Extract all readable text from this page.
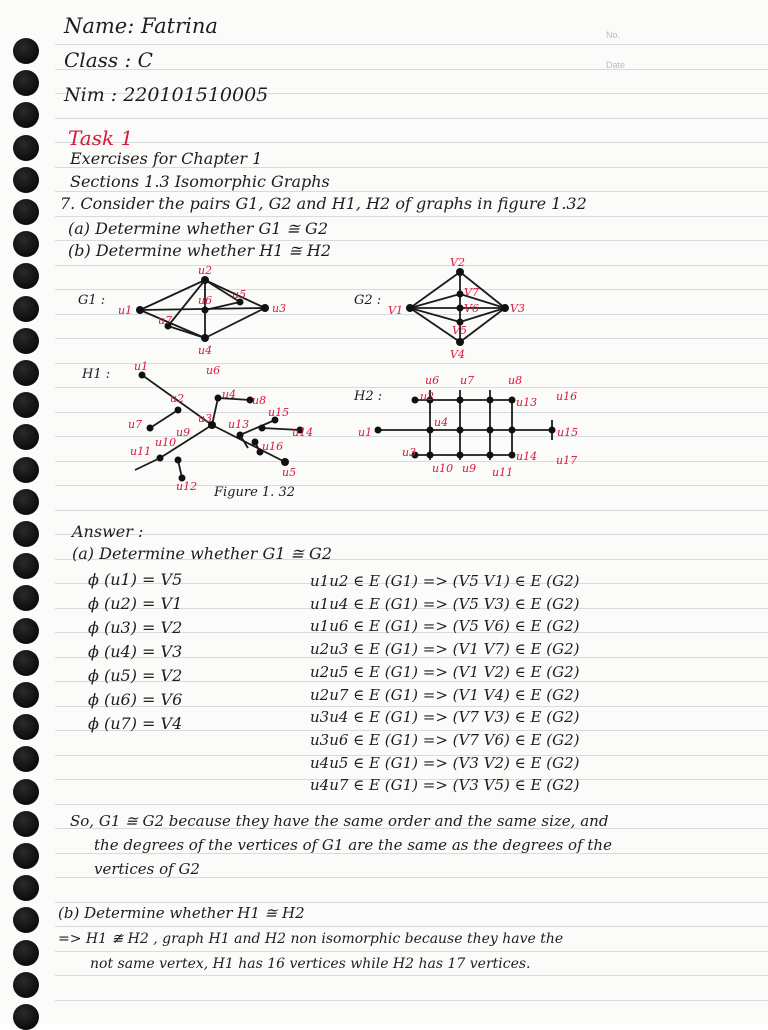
No.
Date
Name: Fatrina
Class : C
Nim : 220101510005
Task 1
Exercises for Chapter 1
Sections 1.3 Isomorphic Graphs
7. Consider the pairs G1, G2 and H1, H2 of graphs in figure 1.32
(a) Determine whether G1 ≅ G2
(b) Determine whether H1 ≅ H2
G1 :
u1
u2
u3
u4
u5
u6
u7
G2 :
V1
V2
V3
V4
V5
V6
V7
H1 :
u1
u2
u3
u4
u5
u6
u7
u8
u9
u10
u11
u12
u13
u14
u15
u16
H2 :
u1
u2
u3
u4
u6 u7	u8
u9
u10	u11
u13
u14
u15
u16
u17
Figure 1. 32
Answer :
(a) Determine whether G1 ≅ G2
ϕ (u1) = V5
ϕ (u2) = V1
ϕ (u3) = V2
ϕ (u4) = V3
ϕ (u5) = V2
ϕ (u6) = V6
ϕ (u7) = V4
u1u2 ∈ E (G1) => (V5 V1) ∈ E (G2)
u1u4 ∈ E (G1) => (V5 V3) ∈ E (G2)
u1u6 ∈ E (G1) => (V5 V6) ∈ E (G2)
u2u3 ∈ E (G1) => (V1 V7) ∈ E (G2)
u2u5 ∈ E (G1) => (V1 V2) ∈ E (G2)
u2u7 ∈ E (G1) => (V1 V4) ∈ E (G2)
u3u4 ∈ E (G1) => (V7 V3) ∈ E (G2)
u3u6 ∈ E (G1) => (V7 V6) ∈ E (G2)
u4u5 ∈ E (G1) => (V3 V2) ∈ E (G2)
u4u7 ∈ E (G1) => (V3 V5) ∈ E (G2)
So, G1 ≅ G2 because they have the same order and the same size, and
the degrees of the vertices of G1 are the same as the degrees of the
vertices of G2
(b) Determine whether H1 ≅ H2
=> H1 ≇ H2 , graph H1 and H2 non isomorphic because they have the
not same vertex, H1 has 16 vertices while H2 has 17 vertices.
